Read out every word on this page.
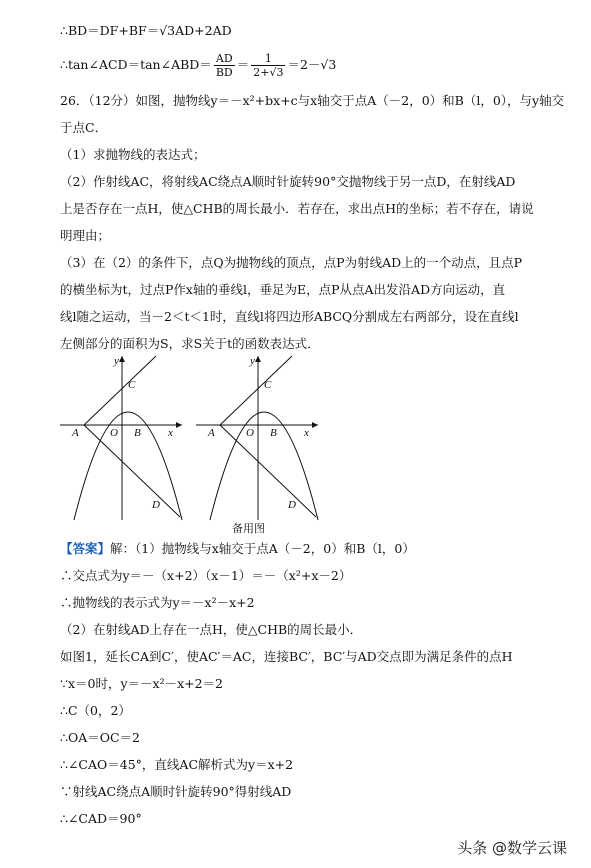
∴BD＝DF+BF＝√3AD+2AD
∴tan∠ACD＝tan∠ABD＝ $\frac{AD}{BD} = \frac{1}{2+√3} =2-√3$
26．（12分）如图，抛物线y＝－x²+bx+c与x轴交于点A（－2，0）和B（l，0），与y轴交
于点C．
（1）求抛物线的表达式；
（2）作射线AC，将射线AC绕点A顺时针旋转90°交抛物线于另一点D，在射线AD
上是否存在一点H，使△CHB的周长最小．若存在，求出点H的坐标；若不存在，请说
明理由；
（3）在（2）的条件下，点Q为抛物线的顶点，点P为射线AD上的一个动点，且点P
的横坐标为t，过点P作x轴的垂线l，垂足为E，点P从点A出发沿AD方向运动，直
线l随之运动，当－2＜t＜1时，直线l将四边形ABCQ分割成左右两部分，设在直线l
左侧部分的面积为S，求S关于t的函数表达式．
y
x
A	O B
C
D
y
x
A	O B
C
D
备用图
【答案】解：（1）抛物线与x轴交于点A（－2，0）和B（l，0）
∴交点式为y＝－（x+2）（x－1）＝－（x²+x－2）
∴抛物线的表示式为y＝－x²－x+2
（2）在射线AD上存在一点H，使△CHB的周长最小．
如图1，延长CA到C′，使AC′＝AC，连接BC′，BC′与AD交点即为满足条件的点H
∵x＝0时，y＝－x²－x+2＝2
∴C（0，2）
∴OA＝OC＝2
∴∠CAO＝45°，直线AC解析式为y＝x+2
∵射线AC绕点A顺时针旋转90°得射线AD
∴∠CAD＝90°
头条 @数学云课
